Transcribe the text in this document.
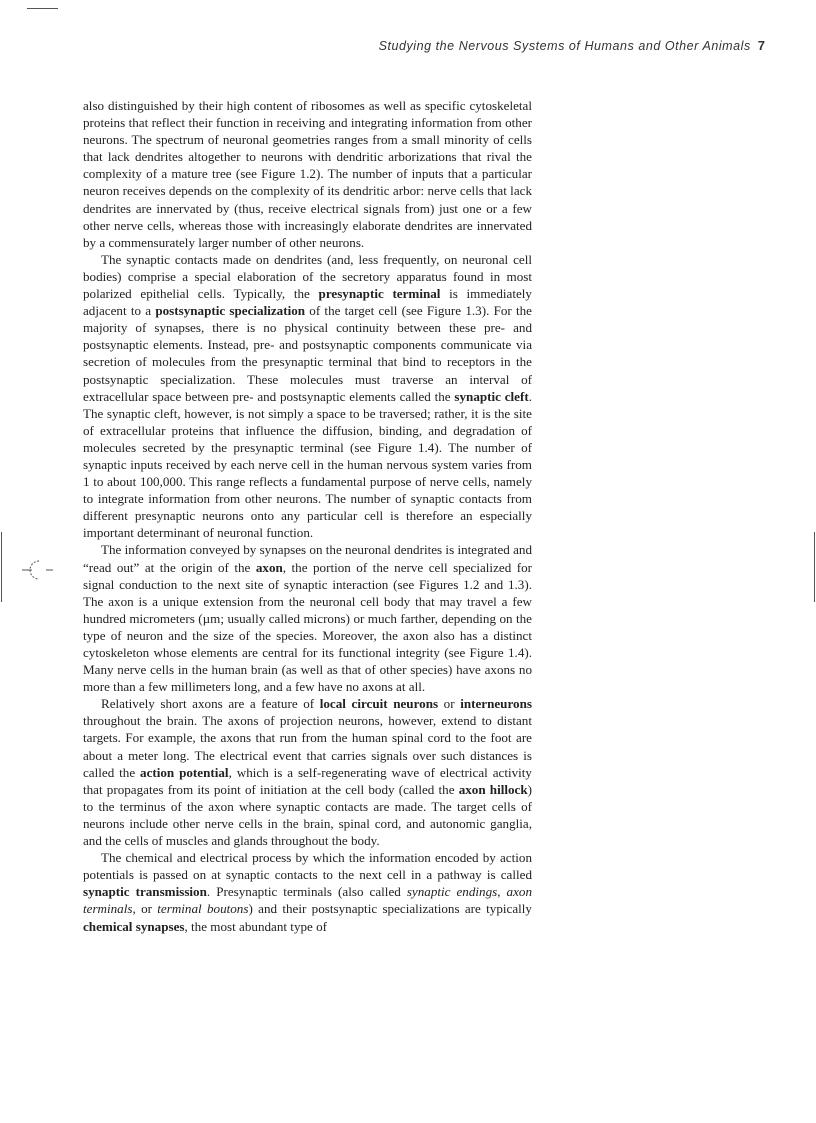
Studying the Nervous Systems of Humans and Other Animals 7

also distinguished by their high content of ribosomes as well as specific cytoskeletal proteins that reflect their function in receiving and integrating information from other neurons. The spectrum of neuronal geometries ranges from a small minority of cells that lack dendrites altogether to neurons with dendritic arborizations that rival the complexity of a mature tree (see Figure 1.2). The number of inputs that a particular neuron receives depends on the complexity of its dendritic arbor: nerve cells that lack dendrites are innervated by (thus, receive electrical signals from) just one or a few other nerve cells, whereas those with increasingly elaborate dendrites are innervated by a commensurately larger number of other neurons.

The synaptic contacts made on dendrites (and, less frequently, on neuronal cell bodies) comprise a special elaboration of the secretory apparatus found in most polarized epithelial cells. Typically, the presynaptic terminal is immediately adjacent to a postsynaptic specialization of the target cell (see Figure 1.3). For the majority of synapses, there is no physical continuity between these pre- and postsynaptic elements. Instead, pre- and postsynaptic components communicate via secretion of molecules from the presynaptic terminal that bind to receptors in the postsynaptic specialization. These molecules must traverse an interval of extracellular space between pre- and postsynaptic elements called the synaptic cleft. The synaptic cleft, however, is not simply a space to be traversed; rather, it is the site of extracellular proteins that influence the diffusion, binding, and degradation of molecules secreted by the presynaptic terminal (see Figure 1.4). The number of synaptic inputs received by each nerve cell in the human nervous system varies from 1 to about 100,000. This range reflects a fundamental purpose of nerve cells, namely to integrate information from other neurons. The number of synaptic contacts from different presynaptic neurons onto any particular cell is therefore an especially important determinant of neuronal function.

The information conveyed by synapses on the neuronal dendrites is integrated and “read out” at the origin of the axon, the portion of the nerve cell specialized for signal conduction to the next site of synaptic interaction (see Figures 1.2 and 1.3). The axon is a unique extension from the neuronal cell body that may travel a few hundred micrometers (µm; usually called microns) or much farther, depending on the type of neuron and the size of the species. Moreover, the axon also has a distinct cytoskeleton whose elements are central for its functional integrity (see Figure 1.4). Many nerve cells in the human brain (as well as that of other species) have axons no more than a few millimeters long, and a few have no axons at all.

Relatively short axons are a feature of local circuit neurons or interneurons throughout the brain. The axons of projection neurons, however, extend to distant targets. For example, the axons that run from the human spinal cord to the foot are about a meter long. The electrical event that carries signals over such distances is called the action potential, which is a self-regenerating wave of electrical activity that propagates from its point of initiation at the cell body (called the axon hillock) to the terminus of the axon where synaptic contacts are made. The target cells of neurons include other nerve cells in the brain, spinal cord, and autonomic ganglia, and the cells of muscles and glands throughout the body.

The chemical and electrical process by which the information encoded by action potentials is passed on at synaptic contacts to the next cell in a pathway is called synaptic transmission. Presynaptic terminals (also called synaptic endings, axon terminals, or terminal boutons) and their postsynaptic specializations are typically chemical synapses, the most abundant type of
